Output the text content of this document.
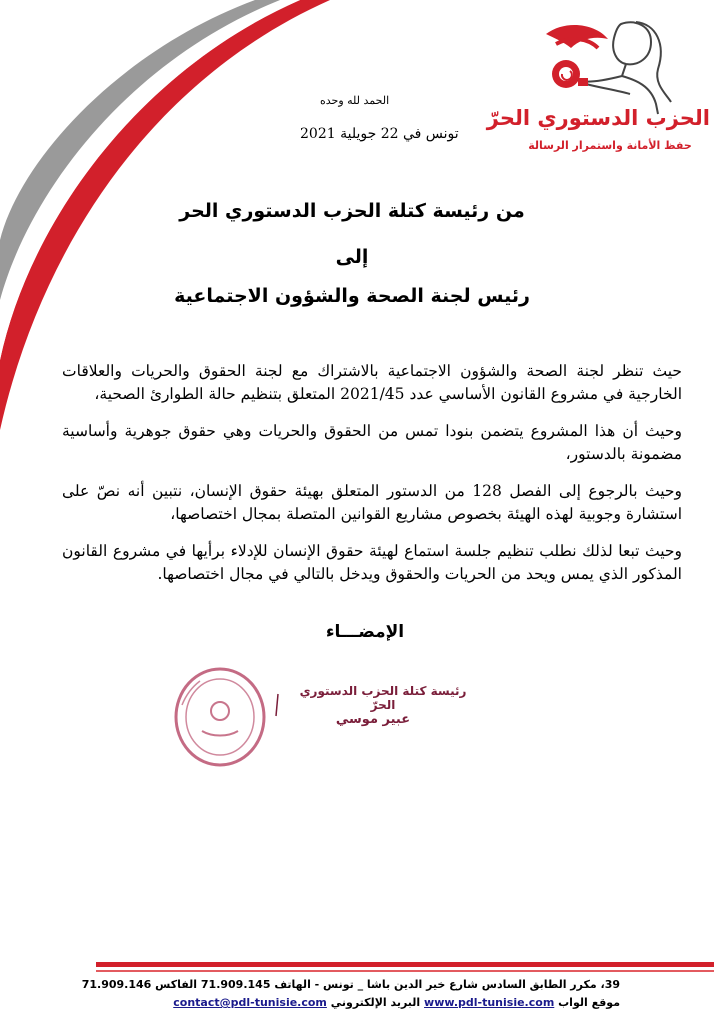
الحزب الدستوري الحرّ
حفظ الأمانة واستمرار الرسالة
الحمد لله وحده
تونس في 22 جويلية 2021
من رئيسة كتلة الحزب الدستوري الحر
إلى
رئيس لجنة الصحة والشؤون الاجتماعية

حيث تنظر لجنة الصحة والشؤون الاجتماعية بالاشتراك مع لجنة الحقوق والحريات والعلاقات الخارجية في مشروع القانون الأساسي عدد 2021/45 المتعلق بتنظيم حالة الطوارئ الصحية،

وحيث أن هذا المشروع يتضمن بنودا تمس من الحقوق والحريات وهي حقوق جوهرية وأساسية مضمونة بالدستور،

وحيث بالرجوع إلى الفصل 128 من الدستور المتعلق بهيئة حقوق الإنسان، نتبين أنه نصّ على استشارة وجوبية لهذه الهيئة بخصوص مشاريع القوانين المتصلة بمجال اختصاصها،

وحيث تبعا لذلك نطلب تنظيم جلسة استماع لهيئة حقوق الإنسان للإدلاء برأيها في مشروع القانون المذكور الذي يمس ويحد من الحريات والحقوق ويدخل بالتالي في مجال اختصاصها.

الإمضـــاء
رئيسة كتلة الحزب الدستوري الحرّ
عبير موسي
39، مكرر الطابق السادس شارع خير الدين باشا _ تونس - الهاتف 71.909.145 الفاكس 71.909.146
موقع الواب www.pdl-tunisie.com البريد الإلكتروني contact@pdl-tunisie.com
